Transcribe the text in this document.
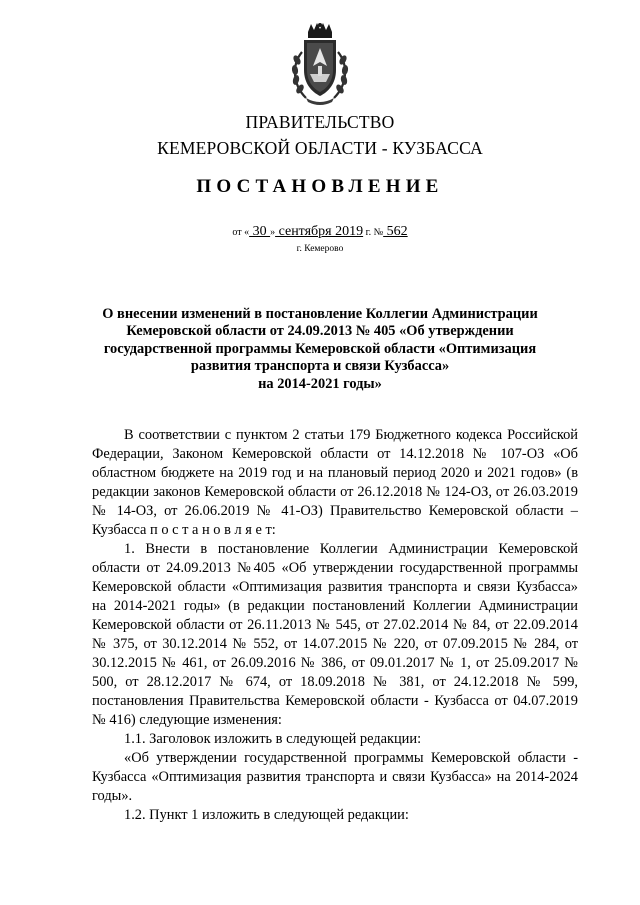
ПРАВИТЕЛЬСТВО
КЕМЕРОВСКОЙ ОБЛАСТИ - КУЗБАССА
ПОСТАНОВЛЕНИЕ
от « 30 » сентября 2019 г. № 562
г. Кемерово
О внесении изменений в постановление Коллегии Администрации
Кемеровской области от 24.09.2013 № 405 «Об утверждении
государственной программы Кемеровской области «Оптимизация
развития транспорта и связи Кузбасса»
на 2014-2021 годы»

В соответствии с пунктом 2 статьи 179 Бюджетного кодекса Российской Федерации, Законом Кемеровской области от 14.12.2018 № 107-ОЗ «Об областном бюджете на 2019 год и на плановый период 2020 и 2021 годов» (в редакции законов Кемеровской области от 26.12.2018 № 124-ОЗ, от 26.03.2019 № 14-ОЗ, от 26.06.2019 № 41-ОЗ) Правительство Кемеровской области – Кузбасса п о с т а н о в л я е т:

1. Внести в постановление Коллегии Администрации Кемеровской области от 24.09.2013 №405 «Об утверждении государственной программы Кемеровской области «Оптимизация развития транспорта и связи Кузбасса» на 2014-2021 годы» (в редакции постановлений Коллегии Администрации Кемеровской области от 26.11.2013 № 545, от 27.02.2014 № 84, от 22.09.2014 № 375, от 30.12.2014 № 552, от 14.07.2015 № 220, от 07.09.2015 № 284, от 30.12.2015 № 461, от 26.09.2016 № 386, от 09.01.2017 № 1, от 25.09.2017 № 500, от 28.12.2017 № 674, от 18.09.2018 № 381, от 24.12.2018 № 599, постановления Правительства Кемеровской области - Кузбасса от 04.07.2019 № 416) следующие изменения:

1.1. Заголовок изложить в следующей редакции:

«Об утверждении государственной программы Кемеровской области - Кузбасса «Оптимизация развития транспорта и связи Кузбасса» на 2014-2024 годы».

1.2. Пункт 1 изложить в следующей редакции:
